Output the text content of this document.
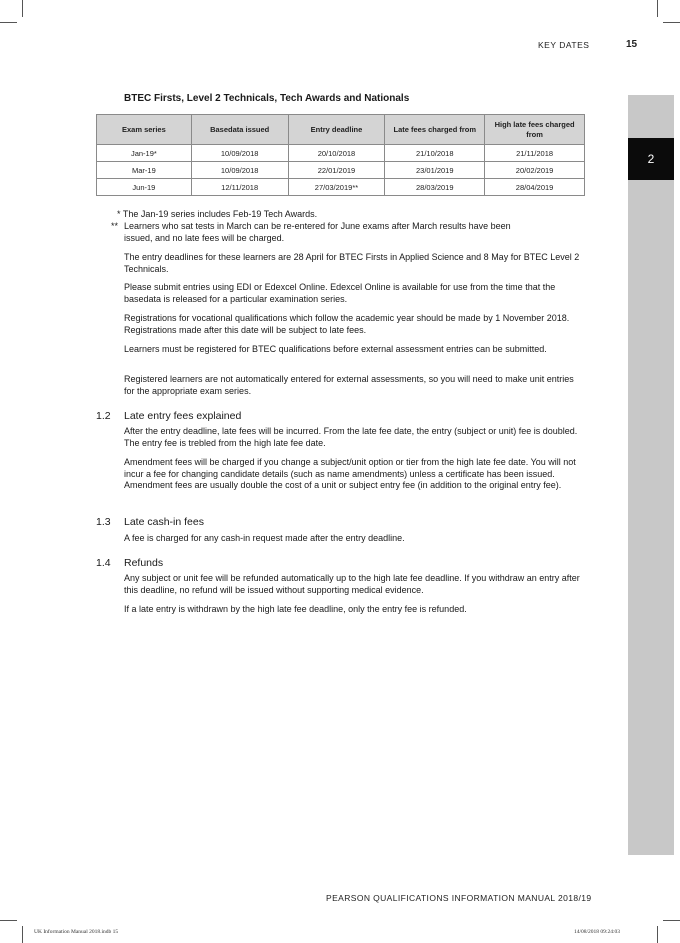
KEY DATES	15
2
BTEC Firsts, Level 2 Technicals, Tech Awards and Nationals
Exam series	Basedata issued	Entry deadline	Late fees charged from	High late fees charged from
Jan-19*	10/09/2018	20/10/2018	21/10/2018	21/11/2018
Mar-19	10/09/2018	22/01/2019	23/01/2019	20/02/2019
Jun-19	12/11/2018	27/03/2019**	28/03/2019	28/04/2019
* The Jan-19 series includes Feb-19 Tech Awards.
** Learners who sat tests in March can be re-entered for June exams after March results have been
issued, and no late fees will be charged.

The entry deadlines for these learners are 28 April for BTEC Firsts in Applied Science and 8 May for BTEC Level 2 Technicals.

Please submit entries using EDI or Edexcel Online. Edexcel Online is available for use from the time that the basedata is released for a particular examination series.

Registrations for vocational qualifications which follow the academic year should be made by 1 November 2018. Registrations made after this date will be subject to late fees.

Learners must be registered for BTEC qualifications before external assessment entries can be submitted.

Registered learners are not automatically entered for external assessments, so you will need to make unit entries for the appropriate exam series.

1.2 Late entry fees explained

After the entry deadline, late fees will be incurred. From the late fee date, the entry (subject or unit) fee is doubled. The entry fee is trebled from the high late fee date.

Amendment fees will be charged if you change a subject/unit option or tier from the high late fee date. You will not incur a fee for changing candidate details (such as name amendments) unless a certificate has been issued. Amendment fees are usually double the cost of a unit or subject entry fee (in addition to the original entry fee).

1.3 Late cash-in fees

A fee is charged for any cash-in request made after the entry deadline.

1.4 Refunds

Any subject or unit fee will be refunded automatically up to the high late fee deadline. If you withdraw an entry after this deadline, no refund will be issued without supporting medical evidence.

If a late entry is withdrawn by the high late fee deadline, only the entry fee is refunded.

PEARSON QUALIFICATIONS INFORMATION MANUAL 2018/19
UK Information Manual 2018.indb 15	14/08/2018 09:24:03
